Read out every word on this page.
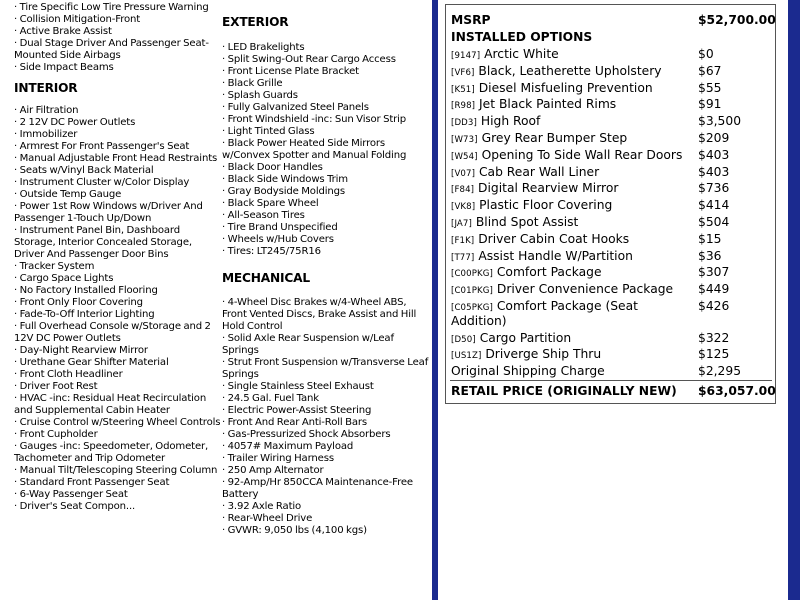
· Tire Specific Low Tire Pressure Warning
· Collision Mitigation-Front
· Active Brake Assist
· Dual Stage Driver And Passenger Seat-Mounted Side Airbags
· Side Impact Beams
INTERIOR
· Air Filtration
· 2 12V DC Power Outlets
· Immobilizer
· Armrest For Front Passenger's Seat
· Manual Adjustable Front Head Restraints
· Seats w/Vinyl Back Material
· Instrument Cluster w/Color Display
· Outside Temp Gauge
· Power 1st Row Windows w/Driver And Passenger 1-Touch Up/Down
· Instrument Panel Bin, Dashboard Storage, Interior Concealed Storage, Driver And Passenger Door Bins
· Tracker System
· Cargo Space Lights
· No Factory Installed Flooring
· Front Only Floor Covering
· Fade-To-Off Interior Lighting
· Full Overhead Console w/Storage and 2 12V DC Power Outlets
· Day-Night Rearview Mirror
· Urethane Gear Shifter Material
· Front Cloth Headliner
· Driver Foot Rest
· HVAC -inc: Residual Heat Recirculation and Supplemental Cabin Heater
· Cruise Control w/Steering Wheel Controls
· Front Cupholder
· Gauges -inc: Speedometer, Odometer, Tachometer and Trip Odometer
· Manual Tilt/Telescoping Steering Column
· Standard Front Passenger Seat
· 6-Way Passenger Seat
· Driver's Seat Compon...
EXTERIOR
· LED Brakelights
· Split Swing-Out Rear Cargo Access
· Front License Plate Bracket
· Black Grille
· Splash Guards
· Fully Galvanized Steel Panels
· Front Windshield -inc: Sun Visor Strip
· Light Tinted Glass
· Black Power Heated Side Mirrors w/Convex Spotter and Manual Folding
· Black Door Handles
· Black Side Windows Trim
· Gray Bodyside Moldings
· Black Spare Wheel
· All-Season Tires
· Tire Brand Unspecified
· Wheels w/Hub Covers
· Tires: LT245/75R16
MECHANICAL
· 4-Wheel Disc Brakes w/4-Wheel ABS, Front Vented Discs, Brake Assist and Hill Hold Control
· Solid Axle Rear Suspension w/Leaf Springs
· Strut Front Suspension w/Transverse Leaf Springs
· Single Stainless Steel Exhaust
· 24.5 Gal. Fuel Tank
· Electric Power-Assist Steering
· Front And Rear Anti-Roll Bars
· Gas-Pressurized Shock Absorbers
· 4057# Maximum Payload
· Trailer Wiring Harness
· 250 Amp Alternator
· 92-Amp/Hr 850CCA Maintenance-Free Battery
· 3.92 Axle Ratio
· Rear-Wheel Drive
· GVWR: 9,050 lbs (4,100 kgs)
MSRP	$52,700.00
INSTALLED OPTIONS
[9147] Arctic White	$0
[VF6] Black, Leatherette Upholstery	$67
[K51] Diesel Misfueling Prevention	$55
[R98] Jet Black Painted Rims	$91
[DD3] High Roof	$3,500
[W73] Grey Rear Bumper Step	$209
[W54] Opening To Side Wall Rear Doors $403
[V07] Cab Rear Wall Liner	$403
[F84] Digital Rearview Mirror	$736
[VK8] Plastic Floor Covering	$414
[JA7] Blind Spot Assist	$504
[F1K] Driver Cabin Coat Hooks	$15
[T77] Assist Handle W/Partition	$36
[C00PKG] Comfort Package	$307
[C01PKG] Driver Convenience Package $449
[C05PKG] Comfort Package (Seat	$426
Addition)
[D50] Cargo Partition	$322
[US1Z] Driverge Ship Thru	$125
Original Shipping Charge	$2,295
RETAIL PRICE (ORIGINALLY NEW) $63,057.00
